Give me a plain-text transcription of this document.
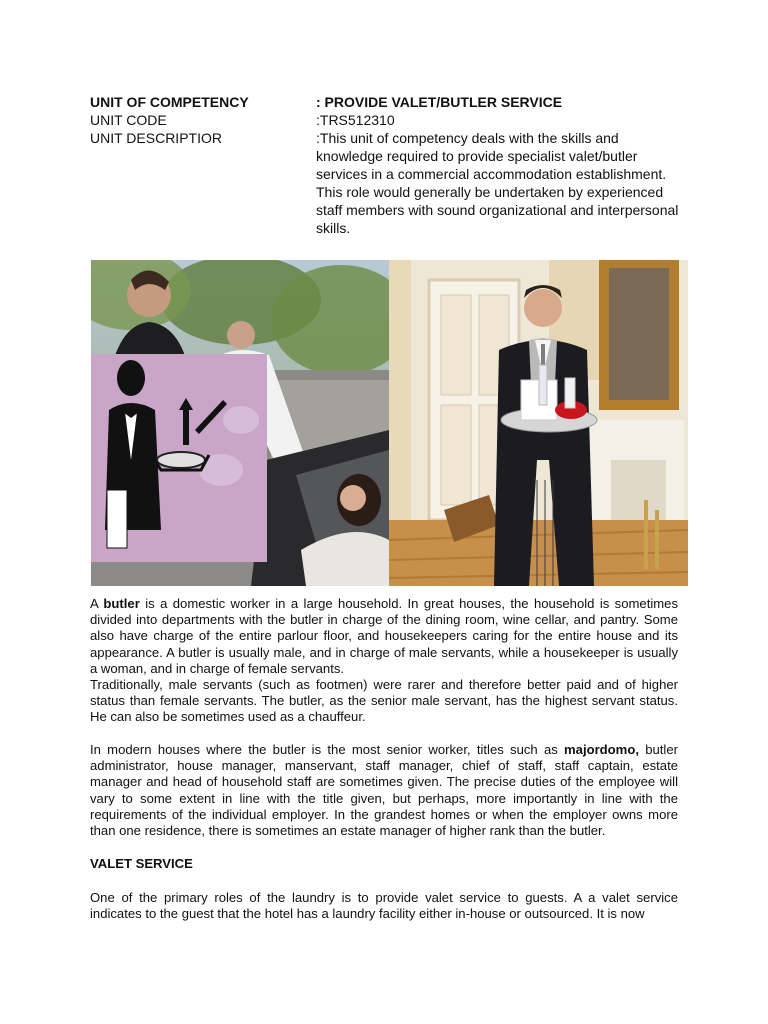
UNIT OF COMPETENCY	: PROVIDE VALET/BUTLER SERVICE
UNIT CODE	:TRS512310
UNIT DESCRIPTIOR	:This unit of competency deals with the skills and knowledge required to provide specialist valet/butler services in a commercial accommodation establishment. This role would generally be undertaken by experienced staff members with sound organizational and interpersonal skills.

A butler is a domestic worker in a large household. In great houses, the household is sometimes divided into departments with the butler in charge of the dining room, wine cellar, and pantry. Some also have charge of the entire parlour floor, and housekeepers caring for the entire house and its appearance. A butler is usually male, and in charge of male servants, while a housekeeper is usually a woman, and in charge of female servants.

Traditionally, male servants (such as footmen) were rarer and therefore better paid and of higher status than female servants. The butler, as the senior male servant, has the highest servant status. He can also be sometimes used as a chauffeur.

In modern houses where the butler is the most senior worker, titles such as majordomo, butler administrator, house manager, manservant, staff manager, chief of staff, staff captain, estate manager and head of household staff are sometimes given. The precise duties of the employee will vary to some extent in line with the title given, but perhaps, more importantly in line with the requirements of the individual employer. In the grandest homes or when the employer owns more than one residence, there is sometimes an estate manager of higher rank than the butler.

VALET SERVICE

One of the primary roles of the laundry is to provide valet service to guests. A a valet service indicates to the guest that the hotel has a laundry facility either in-house or outsourced. It is now
